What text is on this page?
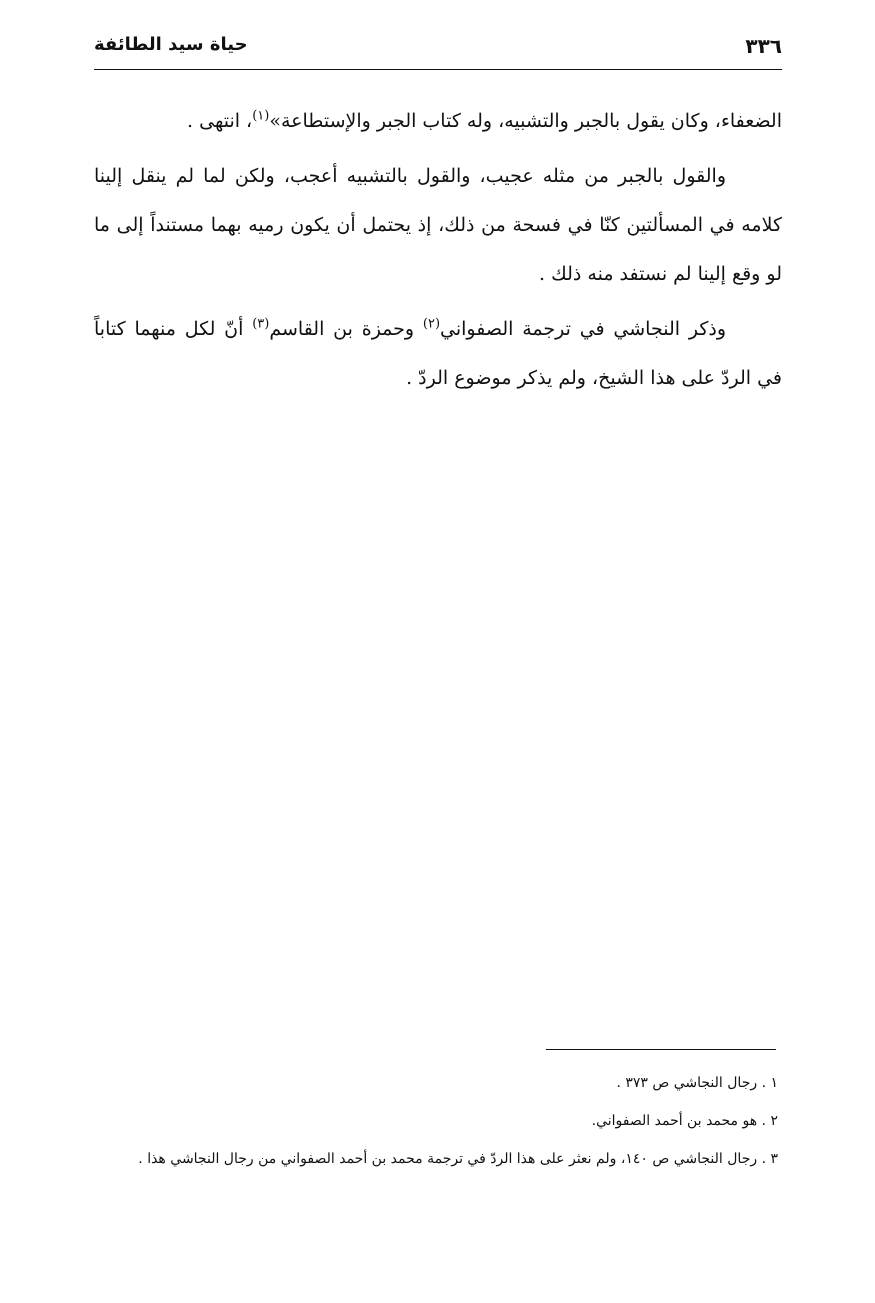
٣٣٦
حياة سيد الطائفة

الضعفاء، وكان يقول بالجبر والتشبيه، وله كتاب الجبر والإستطاعة»$^{(١)}$، انتهى .

والقول بالجبر من مثله عجيب، والقول بالتشبيه أعجب، ولكن لما لم ينقل إلينا كلامه في المسألتين كنّا في فسحة من ذلك، إذ يحتمل أن يكون رميه بهما مستنداً إلى ما لو وقع إلينا لم نستفد منه ذلك .

وذكر النجاشي في ترجمة الصفواني$^{(٢)}$ وحمزة بن القاسم$^{(٣)}$ أنّ لكل منهما كتاباً في الردّ على هذا الشيخ، ولم يذكر موضوع الردّ .

١ . رجال النجاشي ص ٣٧٣ .

٢ . هو محمد بن أحمد الصفواني.

٣ . رجال النجاشي ص ١٤٠، ولم نعثر على هذا الردّ في ترجمة محمد بن أحمد الصفواني من رجال النجاشي هذا .
